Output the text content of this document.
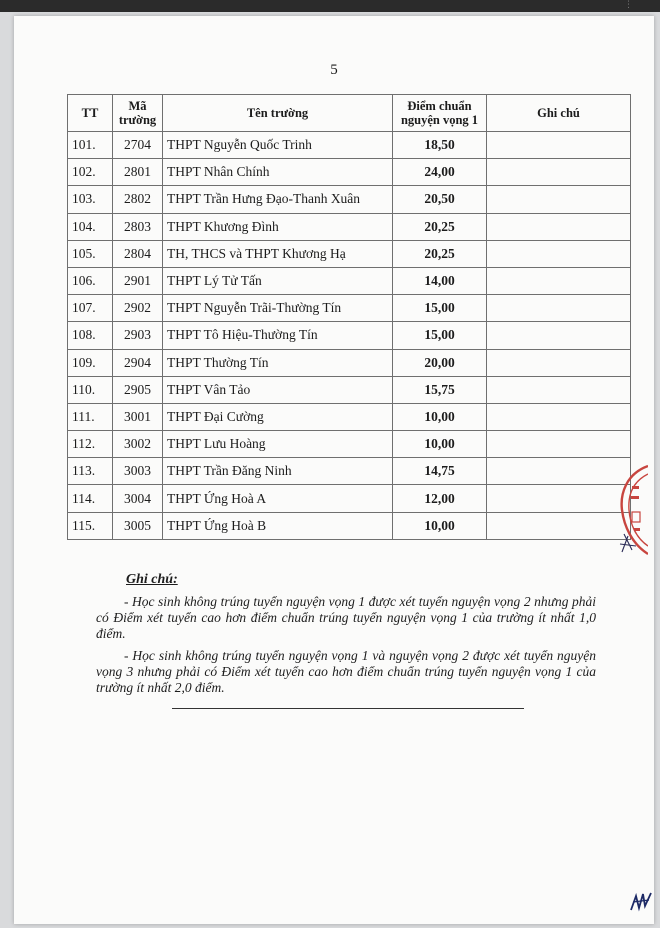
⋮
5
TT	Mã trường	Tên trường	Điểm chuẩn nguyện vọng 1	Ghi chú
101.	2704	THPT Nguyễn Quốc Trinh	18,50	
102.	2801	THPT Nhân Chính	24,00	
103.	2802	THPT Trần Hưng Đạo-Thanh Xuân	20,50	
104.	2803	THPT Khương Đình	20,25	
105.	2804	TH, THCS và THPT Khương Hạ	20,25	
106.	2901	THPT Lý Tử Tấn	14,00	
107.	2902	THPT Nguyễn Trãi-Thường Tín	15,00	
108.	2903	THPT Tô Hiệu-Thường Tín	15,00	
109.	2904	THPT Thường Tín	20,00	
110.	2905	THPT Vân Tảo	15,75	
111.	3001	THPT Đại Cường	10,00	
112.	3002	THPT Lưu Hoàng	10,00	
113.	3003	THPT Trần Đăng Ninh	14,75	
114.	3004	THPT Ứng Hoà A	12,00	
115.	3005	THPT Ứng Hoà B	10,00	
Ghi chú:
- Học sinh không trúng tuyển nguyện vọng 1 được xét tuyển nguyện vọng 2 nhưng phải có Điểm xét tuyển cao hơn điểm chuẩn trúng tuyển nguyện vọng 1 của trường ít nhất 1,0 điểm.
- Học sinh không trúng tuyển nguyện vọng 1 và nguyện vọng 2 được xét tuyển nguyện vọng 3 nhưng phải có Điểm xét tuyển cao hơn điểm chuẩn trúng tuyển nguyện vọng 1 của trường ít nhất 2,0 điểm.
